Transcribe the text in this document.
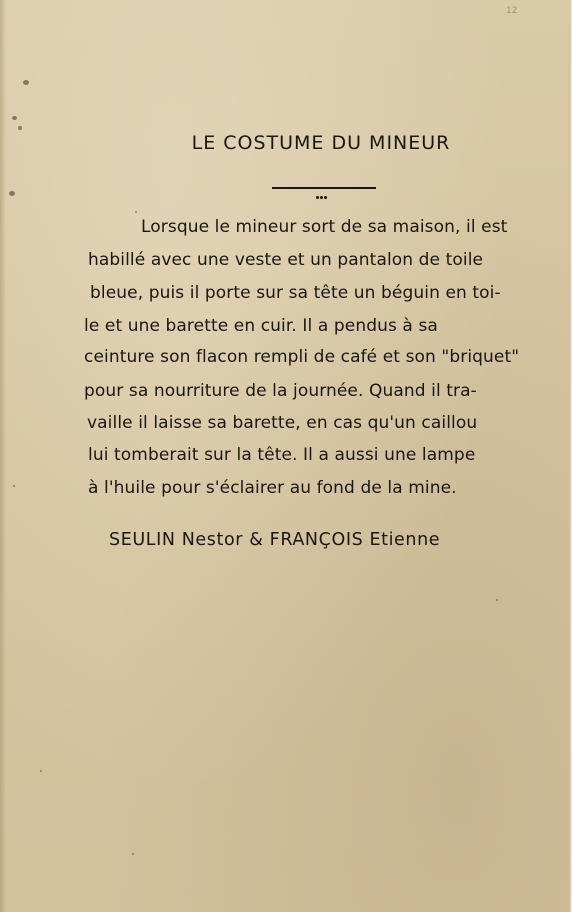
12
LE COSTUME DU MINEUR
Lorsque le mineur sort de sa maison, il est
habillé avec une veste et un pantalon de toile
bleue, puis il porte sur sa tête un béguin en toi-
le et une barette en cuir. Il a pendus à sa
ceinture son flacon rempli de café et son "briquet"
pour sa nourriture de la journée. Quand il tra-
vaille il laisse sa barette, en cas qu'un caillou
lui tomberait sur la tête. Il a aussi une lampe
à l'huile pour s'éclairer au fond de la mine.
SEULIN Nestor & FRANÇOIS Etienne
